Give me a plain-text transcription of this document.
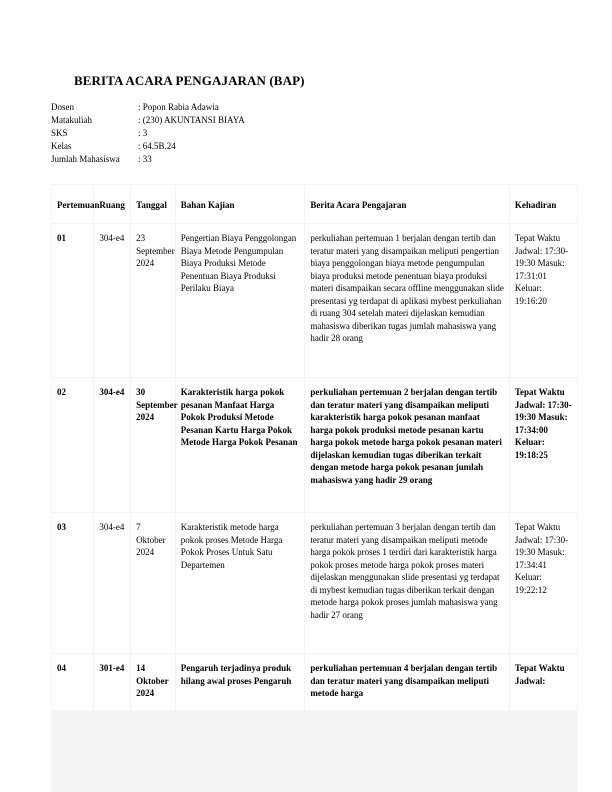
BERITA ACARA PENGAJARAN (BAP)
Dosen	: Popon Rabia Adawia
Matakuliah	: (230) AKUNTANSI BIAYA
SKS	: 3
Kelas	: 64.5B.24
Jumlah Mahasiswa	: 33
Pertemuan	Ruang	Tanggal	Bahan Kajian	Berita Acara Pengajaran	Kehadiran
01	304-e4	23 September 2024	Pengertian Biaya Penggolongan Biaya Metode Pengumpulan Biaya Produksi Metode Penentuan Biaya Produksi Perilaku Biaya	perkuliahan pertemuan 1 berjalan dengan tertib dan teratur materi yang disampaikan meliputi pengertian biaya penggolongan biaya metode pengumpulan biaya produksi metode penentuan biaya produksi materi disampaikan secara offline menggunakan slide presentasi yg terdapat di aplikasi mybest perkuliahan di ruang 304 setelah materi dijelaskan kemudian mahasiswa diberikan tugas jumlah mahasiswa yang hadir 28 orang	Tepat Waktu Jadwal: 17:30-19:30 Masuk: 17:31:01 Keluar: 19:16:20
02	304-e4	30 September 2024	Karakteristik harga pokok pesanan Manfaat Harga Pokok Produksi Metode Pesanan Kartu Harga Pokok Metode Harga Pokok Pesanan	perkuliahan pertemuan 2 berjalan dengan tertib dan teratur materi yang disampaikan meliputi karakteristik harga pokok pesanan manfaat harga pokok produksi metode pesanan kartu harga pokok metode harga pokok pesanan materi dijelaskan kemudian tugas diberikan terkait dengan metode harga pokok pesanan jumlah mahasiswa yang hadir 29 orang	Tepat Waktu Jadwal: 17:30-19:30 Masuk: 17:34:00 Keluar: 19:18:25
03	304-e4	7 Oktober 2024	Karakteristik metode harga pokok proses Metode Harga Pokok Proses Untuk Satu Departemen	perkuliahan pertemuan 3 berjalan dengan tertib dan teratur materi yang disampaikan meliputi metode harga pokok proses 1 terdiri dari karakteristik harga pokok proses metode harga pokok proses materi dijelaskan menggunakan slide presentasi yg terdapat di mybest kemudian tugas diberikan terkait dengan metode harga pokok proses jumlah mahasiswa yang hadir 27 orang	Tepat Waktu Jadwal: 17:30-19:30 Masuk: 17:34:41 Keluar: 19:22:12
04	301-e4	14 Oktober 2024	Pengaruh terjadinya produk hilang awal proses Pengaruh	perkuliahan pertemuan 4 berjalan dengan tertib dan teratur materi yang disampaikan meliputi metode harga	Tepat Waktu Jadwal:
